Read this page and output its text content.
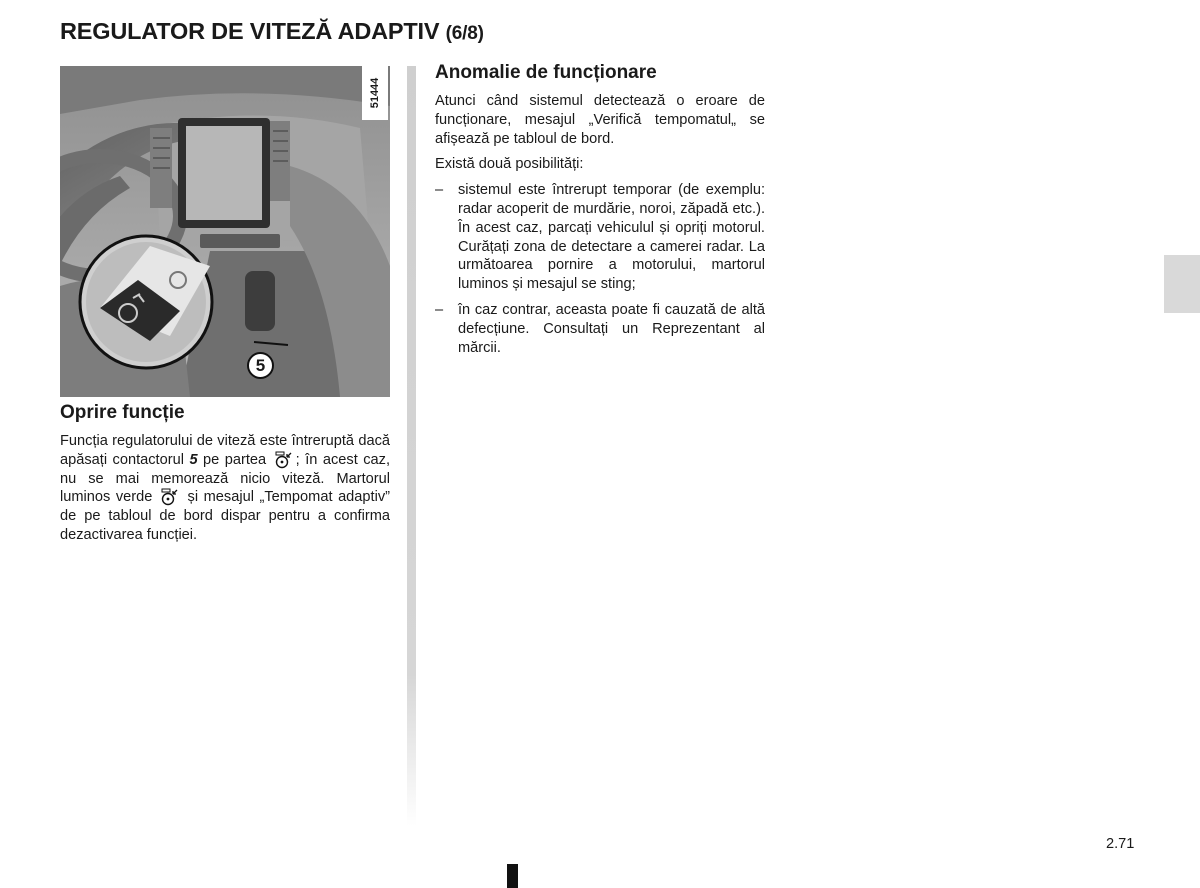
REGULATOR DE VITEZĂ ADAPTIV (6/8)
51444
5
Oprire funcție

Funcția regulatorului de viteză este întreruptă dacă apăsați contactorul 5 pe partea ; în acest caz, nu se mai memorează nicio viteză. Martorul luminos verde  și mesajul „Tempomat adaptiv” de pe tabloul de bord dispar pentru a confirma dezactivarea funcției.

Anomalie de funcționare

Atunci când sistemul detectează o eroare de funcționare, mesajul „Verifică tempomatul„ se afișează pe tabloul de bord.

Există două posibilități:

– sistemul este întrerupt temporar (de exemplu: radar acoperit de murdărie, noroi, zăpadă etc.). În acest caz, parcați vehiculul și opriți motorul. Curățați zona de detectare a camerei radar. La următoarea pornire a motorului, martorul luminos și mesajul se sting;
– în caz contrar, aceasta poate fi cauzată de altă defecțiune. Consultați un Reprezentant al mărcii.
2.71
